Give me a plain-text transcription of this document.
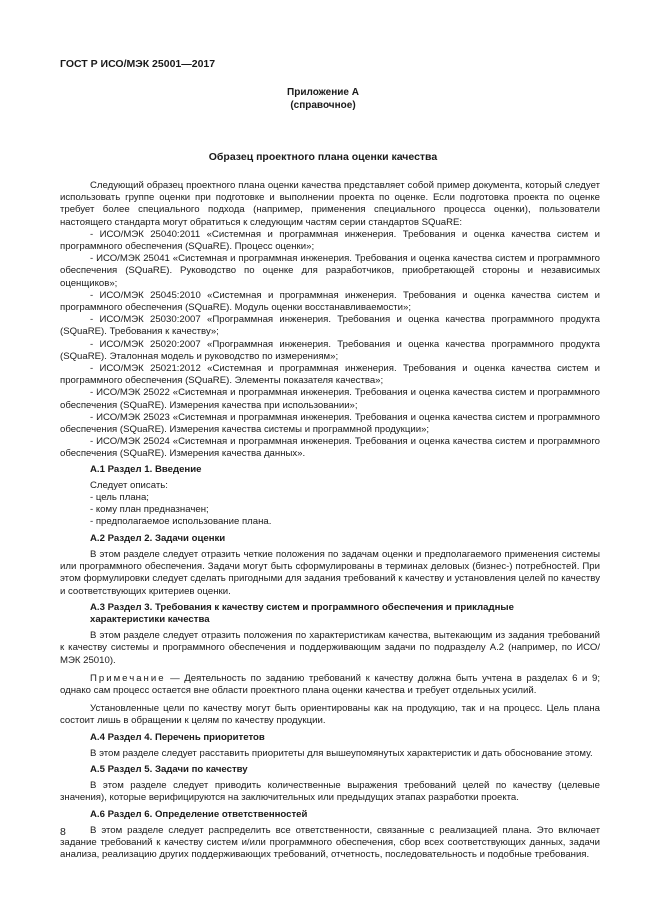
ГОСТ Р ИСО/МЭК 25001—2017
Приложение А
(справочное)
Образец проектного плана оценки качества

Следующий образец проектного плана оценки качества представляет собой пример документа, который следует использовать группе оценки при подготовке и выполнении проекта по оценке. Если подготовка проекта по оценке требует более специального подхода (например, применения специального процесса оценки), пользователи настоящего стандарта могут обратиться к следующим частям серии стандартов SQuaRE:

- ИСО/МЭК 25040:2011 «Системная и программная инженерия. Требования и оценка качества систем и программного обеспечения (SQuaRE). Процесс оценки»;

- ИСО/МЭК 25041 «Системная и программная инженерия. Требования и оценка качества систем и программного обеспечения (SQuaRE). Руководство по оценке для разработчиков, приобретающей стороны и независимых оценщиков»;

- ИСО/МЭК 25045:2010 «Системная и программная инженерия. Требования и оценка качества систем и программного обеспечения (SQuaRE). Модуль оценки восстанавливаемости»;

- ИСО/МЭК 25030:2007 «Программная инженерия. Требования и оценка качества программного продукта (SQuaRE). Требования к качеству»;

- ИСО/МЭК 25020:2007 «Программная инженерия. Требования и оценка качества программного продукта (SQuaRE). Эталонная модель и руководство по измерениям»;

- ИСО/МЭК 25021:2012 «Системная и программная инженерия. Требования и оценка качества систем и программного обеспечения (SQuaRE). Элементы показателя качества»;

- ИСО/МЭК 25022 «Системная и программная инженерия. Требования и оценка качества систем и программного обеспечения (SQuaRE). Измерения качества при использовании»;

- ИСО/МЭК 25023 «Системная и программная инженерия. Требования и оценка качества систем и программного обеспечения (SQuaRE). Измерения качества системы и программной продукции»;

- ИСО/МЭК 25024 «Системная и программная инженерия. Требования и оценка качества систем и программного обеспечения (SQuaRE). Измерения качества данных».

А.1 Раздел 1. Введение

Следует описать:

- цель плана;

- кому план предназначен;

- предполагаемое использование плана.

А.2 Раздел 2. Задачи оценки

В этом разделе следует отразить четкие положения по задачам оценки и предполагаемого применения системы или программного обеспечения. Задачи могут быть сформулированы в терминах деловых (бизнес-) потребностей. При этом формулировки следует сделать пригодными для задания требований к качеству и установления целей по качеству и соответствующих критериев оценки.

А.3 Раздел 3. Требования к качеству систем и программного обеспечения и прикладные

характеристики качества

В этом разделе следует отразить положения по характеристикам качества, вытекающим из задания требований к качеству системы и программного обеспечения и поддерживающим задачи по подразделу А.2 (например, по ИСО/МЭК 25010).

Примечание — Деятельность по заданию требований к качеству должна быть учтена в разделах 6 и 9; однако сам процесс остается вне области проектного плана оценки качества и требует отдельных усилий.

Установленные цели по качеству могут быть ориентированы как на продукцию, так и на процесс. Цель плана состоит лишь в обращении к целям по качеству продукции.

А.4 Раздел 4. Перечень приоритетов

В этом разделе следует расставить приоритеты для вышеупомянутых характеристик и дать обоснование этому.

А.5 Раздел 5. Задачи по качеству

В этом разделе следует приводить количественные выражения требований целей по качеству (целевые значения), которые верифицируются на заключительных или предыдущих этапах разработки проекта.

А.6 Раздел 6. Определение ответственностей

В этом разделе следует распределить все ответственности, связанные с реализацией плана. Это включает задание требований к качеству систем и/или программного обеспечения, сбор всех соответствующих данных, задачи анализа, реализацию других поддерживающих требований, отчетность, последовательность и подобные требования.

8
